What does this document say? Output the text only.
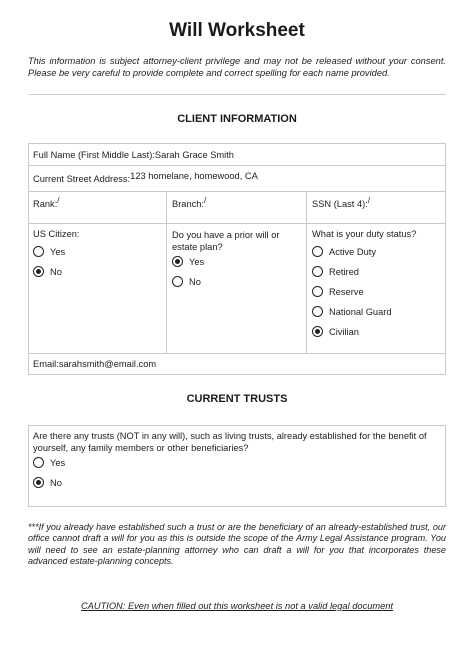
Will Worksheet
This information is subject attorney-client privilege and may not be released without your consent. Please be very careful to provide complete and correct spelling for each name provided.
CLIENT INFORMATION
Full Name (First Middle Last):Sarah Grace Smith
Current Street Address:123 homelane, homewood, CA
Rank:/	Branch:/	SSN (Last 4):/
US Citizen:
Yes
No
Do you have a prior will or
estate plan?
Yes
No
What is your duty status?
Active Duty
Retired
Reserve
National Guard
Civilian
Email:sarahsmith@email.com
CURRENT TRUSTS
Are there any trusts (NOT in any will), such as living trusts, already established for the benefit of
yourself, any family members or other beneficiaries?
Yes
No
***If you already have established such a trust or are the beneficiary of an already-established trust, our office cannot draft a will for you as this is outside the scope of the Army Legal Assistance program. You will need to see an estate-planning attorney who can draft a will for you that incorporates these advanced estate-planning concepts.
CAUTION: Even when filled out this worksheet is not a valid legal document
